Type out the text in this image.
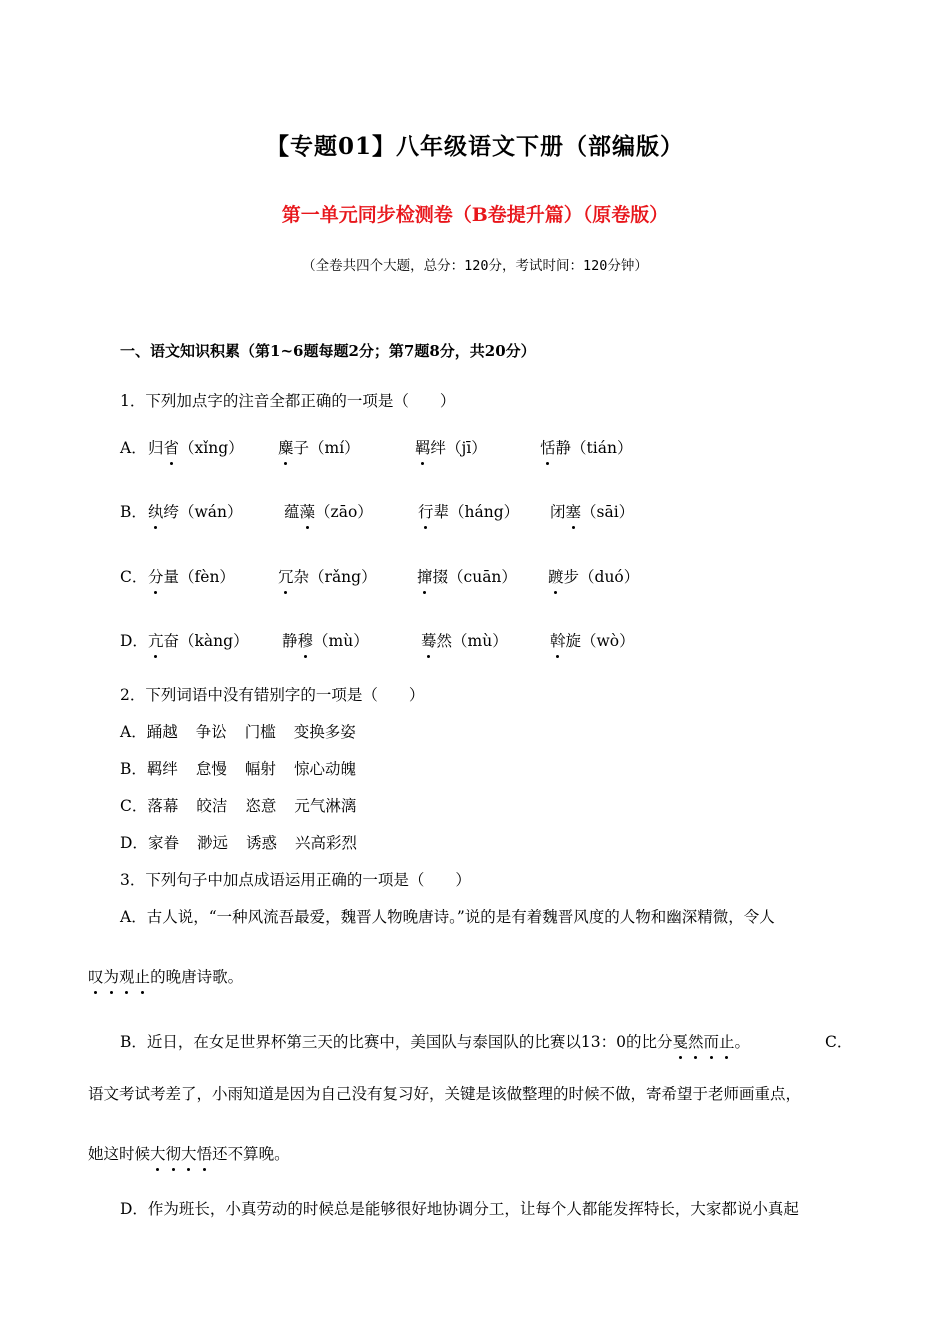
【专题01】八年级语文下册（部编版）
第一单元同步检测卷（B卷提升篇）（原卷版）
（全卷共四个大题，总分：120分，考试时间：120分钟）
一、语文知识积累（第1~6题每题2分；第7题8分，共20分）
1．下列加点字的注音全都正确的一项是（　　）
A． 归省（xǐng） 麋子（mí）	羁绊（jī）	恬静（tián）
B． 纨绔（wán）	蕴藻（zāo）	行辈（háng） 闭塞（sāi）
C． 分量（fèn）	冗杂（rǎng）	撺掇（cuān） 踱步（duó）
D． 亢奋（kàng） 静穆（mù）	蓦然（mù）	斡旋（wò）
2．下列词语中没有错别字的一项是（　　）
A．踊越 争讼 门槛 变换多姿
B．羁绊 怠慢 幅射 惊心动魄
C．落幕 皎洁 恣意 元气淋漓
D．家眷 渺远 诱惑 兴高彩烈
3．下列句子中加点成语运用正确的一项是（　　）
A．古人说，“一种风流吾最爱，魏晋人物晚唐诗。”说的是有着魏晋风度的人物和幽深精微，令人
叹为观止的晚唐诗歌。
B．近日，在女足世界杯第三天的比赛中，美国队与泰国队的比赛以13：0的比分戛然而止。	C．
语文考试考差了，小雨知道是因为自己没有复习好，关键是该做整理的时候不做，寄希望于老师画重点，
她这时候大彻大悟还不算晚。
D．作为班长，小真劳动的时候总是能够很好地协调分工，让每个人都能发挥特长，大家都说小真起
